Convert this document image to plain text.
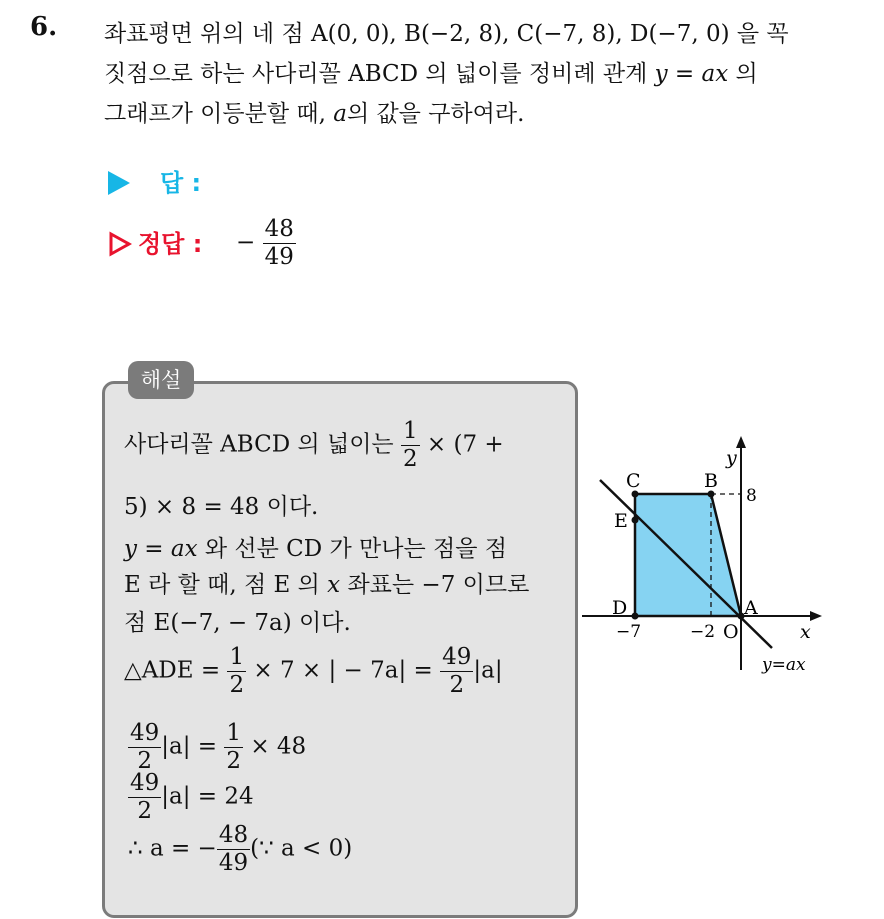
6. 좌표평면 위의 네 점 A(0, 0), B(−2, 8), C(−7, 8), D(−7, 0) 을 꼭
짓점으로 하는 사다리꼴 ABCD 의 넓이를 정비례 관계 y = ax 의
그래프가 이등분할 때, a의 값을 구하여라.
답 :
정답 : − $\frac{48}{49}$
해설
사다리꼴 ABCD 의 넓이는 $\frac{1}{2} \times (7$ +
5) × 8 = 48 이다.
y = ax 와 선분 CD 가 만나는 점을 점
E 라 할 때, 점 E 의 x 좌표는 −7 이므로
점 E(−7, − 7a) 이다.
△ADE = $\frac{1}{2} \times 7$ × | − $7a| = \frac{49}{2} |a|$
$\frac{49}{2} |a| = \frac{1}{2} \times 48$
$\frac{49}{2} |a| = 24$
∴ a = − $\frac{48}{49}$ (∵ a < 0)
C	B
E
D	A
O
y
x
8
−7	−2
y=ax
